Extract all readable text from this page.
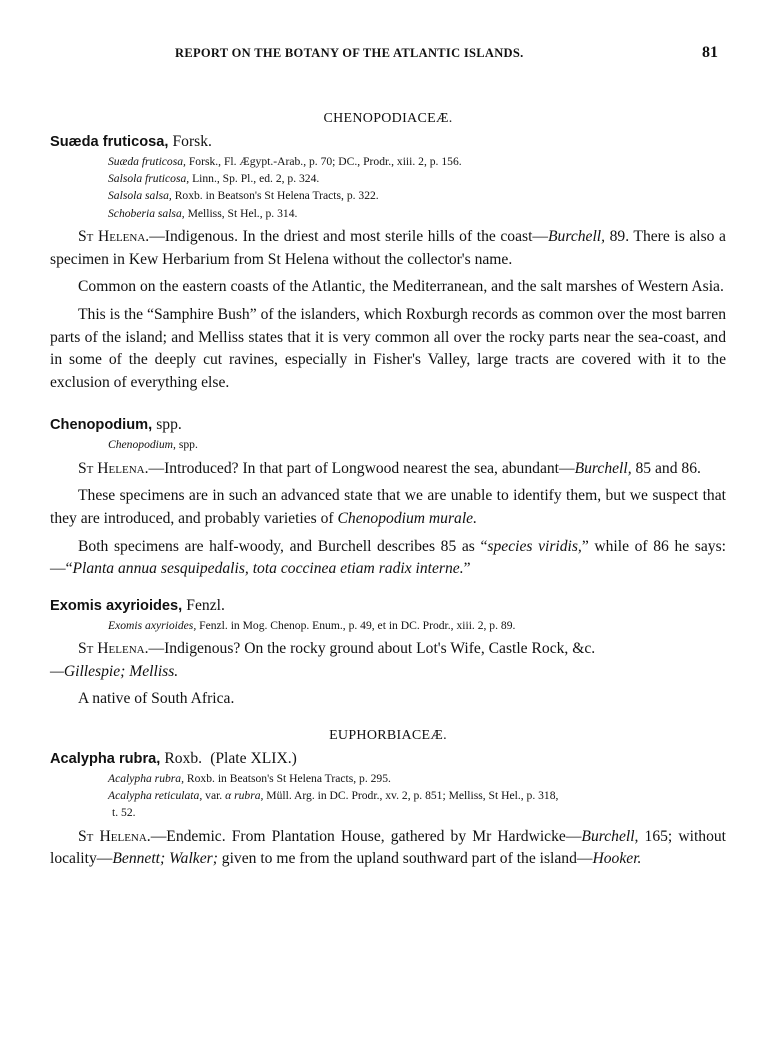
REPORT ON THE BOTANY OF THE ATLANTIC ISLANDS.	81

CHENOPODIACEÆ.

Suæda fruticosa, Forsk.

Suæda fruticosa, Forsk., Fl. Ægypt.-Arab., p. 70; DC., Prodr., xiii. 2, p. 156.

Salsola fruticosa, Linn., Sp. Pl., ed. 2, p. 324.

Salsola salsa, Roxb. in Beatson's St Helena Tracts, p. 322.

Schoberia salsa, Melliss, St Hel., p. 314.

St Helena.—Indigenous. In the driest and most sterile hills of the coast—Burchell, 89. There is also a specimen in Kew Herbarium from St Helena without the collector's name.

Common on the eastern coasts of the Atlantic, the Mediterranean, and the salt marshes of Western Asia.

This is the “Samphire Bush” of the islanders, which Roxburgh records as common over the most barren parts of the island; and Melliss states that it is very common all over the rocky parts near the sea-coast, and in some of the deeply cut ravines, especially in Fisher's Valley, large tracts are covered with it to the exclusion of everything else.

Chenopodium, spp.

Chenopodium, spp.

St Helena.—Introduced? In that part of Longwood nearest the sea, abundant—Burchell, 85 and 86.

These specimens are in such an advanced state that we are unable to identify them, but we suspect that they are introduced, and probably varieties of Chenopodium murale.

Both specimens are half-woody, and Burchell describes 85 as “species viridis,” while of 86 he says:—“Planta annua sesquipedalis, tota coccinea etiam radix interne.”

Exomis axyrioides, Fenzl.

Exomis axyrioides, Fenzl. in Mog. Chenop. Enum., p. 49, et in DC. Prodr., xiii. 2, p. 89.

St Helena.—Indigenous? On the rocky ground about Lot's Wife, Castle Rock, &c.
—Gillespie; Melliss.

A native of South Africa.

EUPHORBIACEÆ.

Acalypha rubra, Roxb. (Plate XLIX.)

Acalypha rubra, Roxb. in Beatson's St Helena Tracts, p. 295.

Acalypha reticulata, var. α rubra, Müll. Arg. in DC. Prodr., xv. 2, p. 851; Melliss, St Hel., p. 318,

t. 52.

St Helena.—Endemic. From Plantation House, gathered by Mr Hardwicke—Burchell, 165; without locality—Bennett; Walker; given to me from the upland southward part of the island—Hooker.
